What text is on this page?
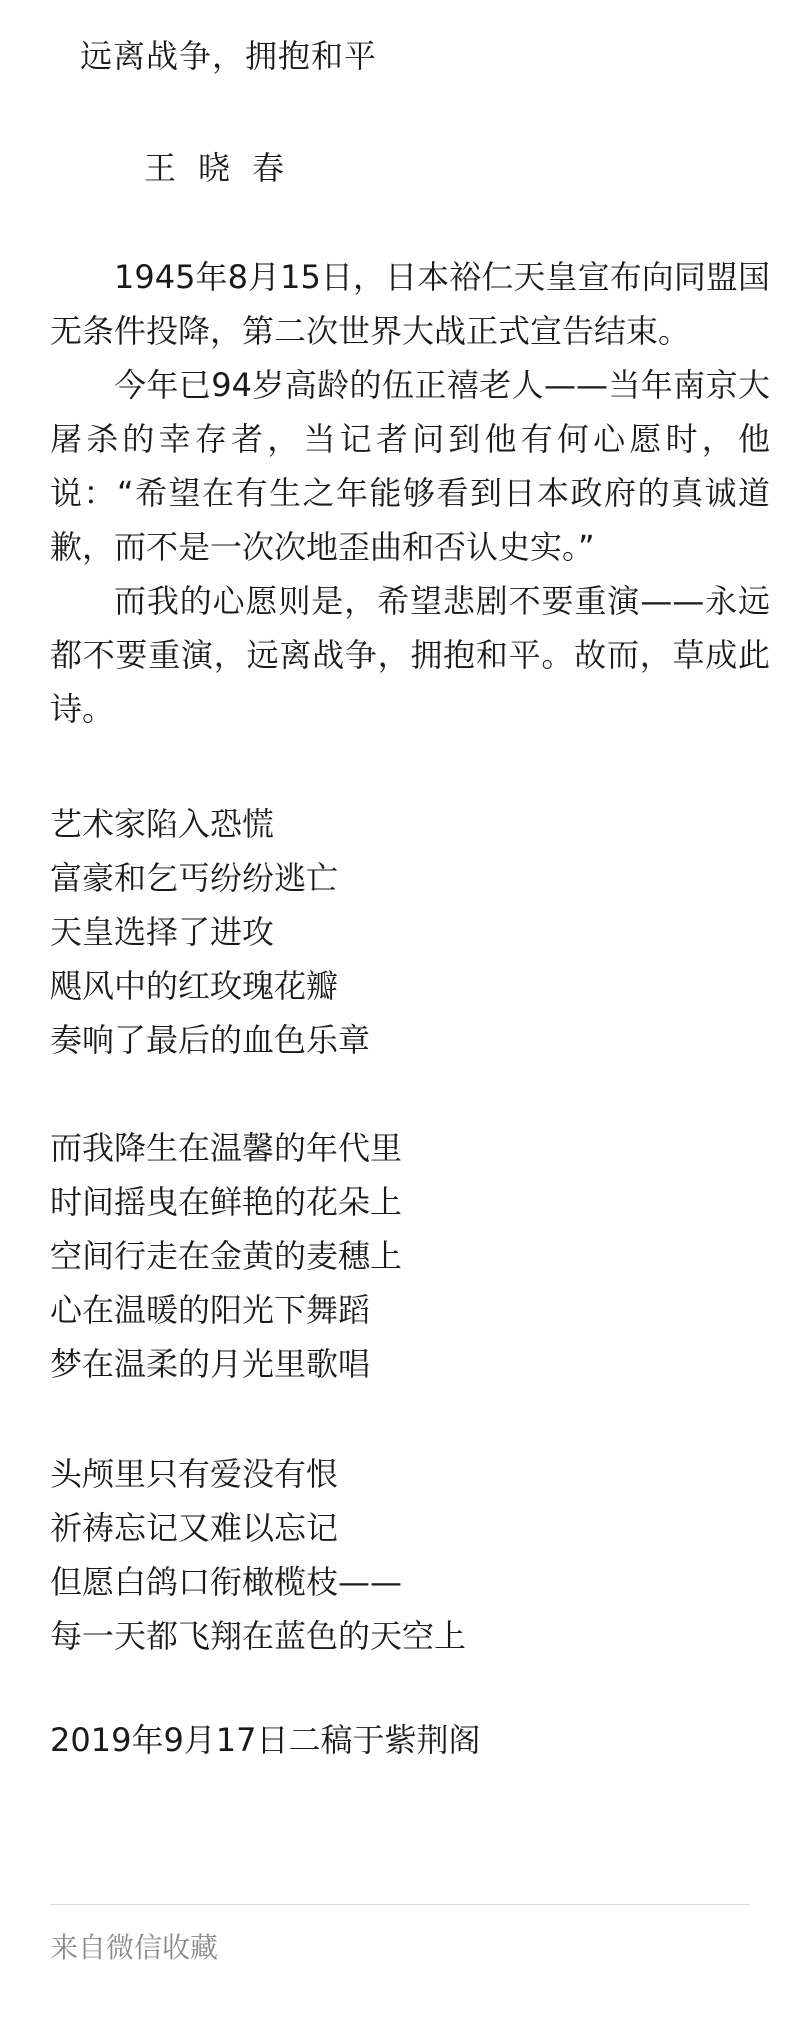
远离战争，拥抱和平

王晓春

1945年8月15日，日本裕仁天皇宣布向同盟国无条件投降，第二次世界大战正式宣告结束。

今年已94岁高龄的伍正禧老人——当年南京大屠杀的幸存者，当记者问到他有何心愿时，他说：“希望在有生之年能够看到日本政府的真诚道歉，而不是一次次地歪曲和否认史实。”

而我的心愿则是，希望悲剧不要重演——永远都不要重演，远离战争，拥抱和平。故而，草成此诗。

艺术家陷入恐慌
富豪和乞丐纷纷逃亡
天皇选择了进攻
飓风中的红玫瑰花瓣
奏响了最后的血色乐章
而我降生在温馨的年代里
时间摇曳在鲜艳的花朵上
空间行走在金黄的麦穗上
心在温暖的阳光下舞蹈
梦在温柔的月光里歌唱
头颅里只有爱没有恨
祈祷忘记又难以忘记
但愿白鸽口衔橄榄枝——
每一天都飞翔在蓝色的天空上

2019年9月17日二稿于紫荆阁

来自微信收藏
